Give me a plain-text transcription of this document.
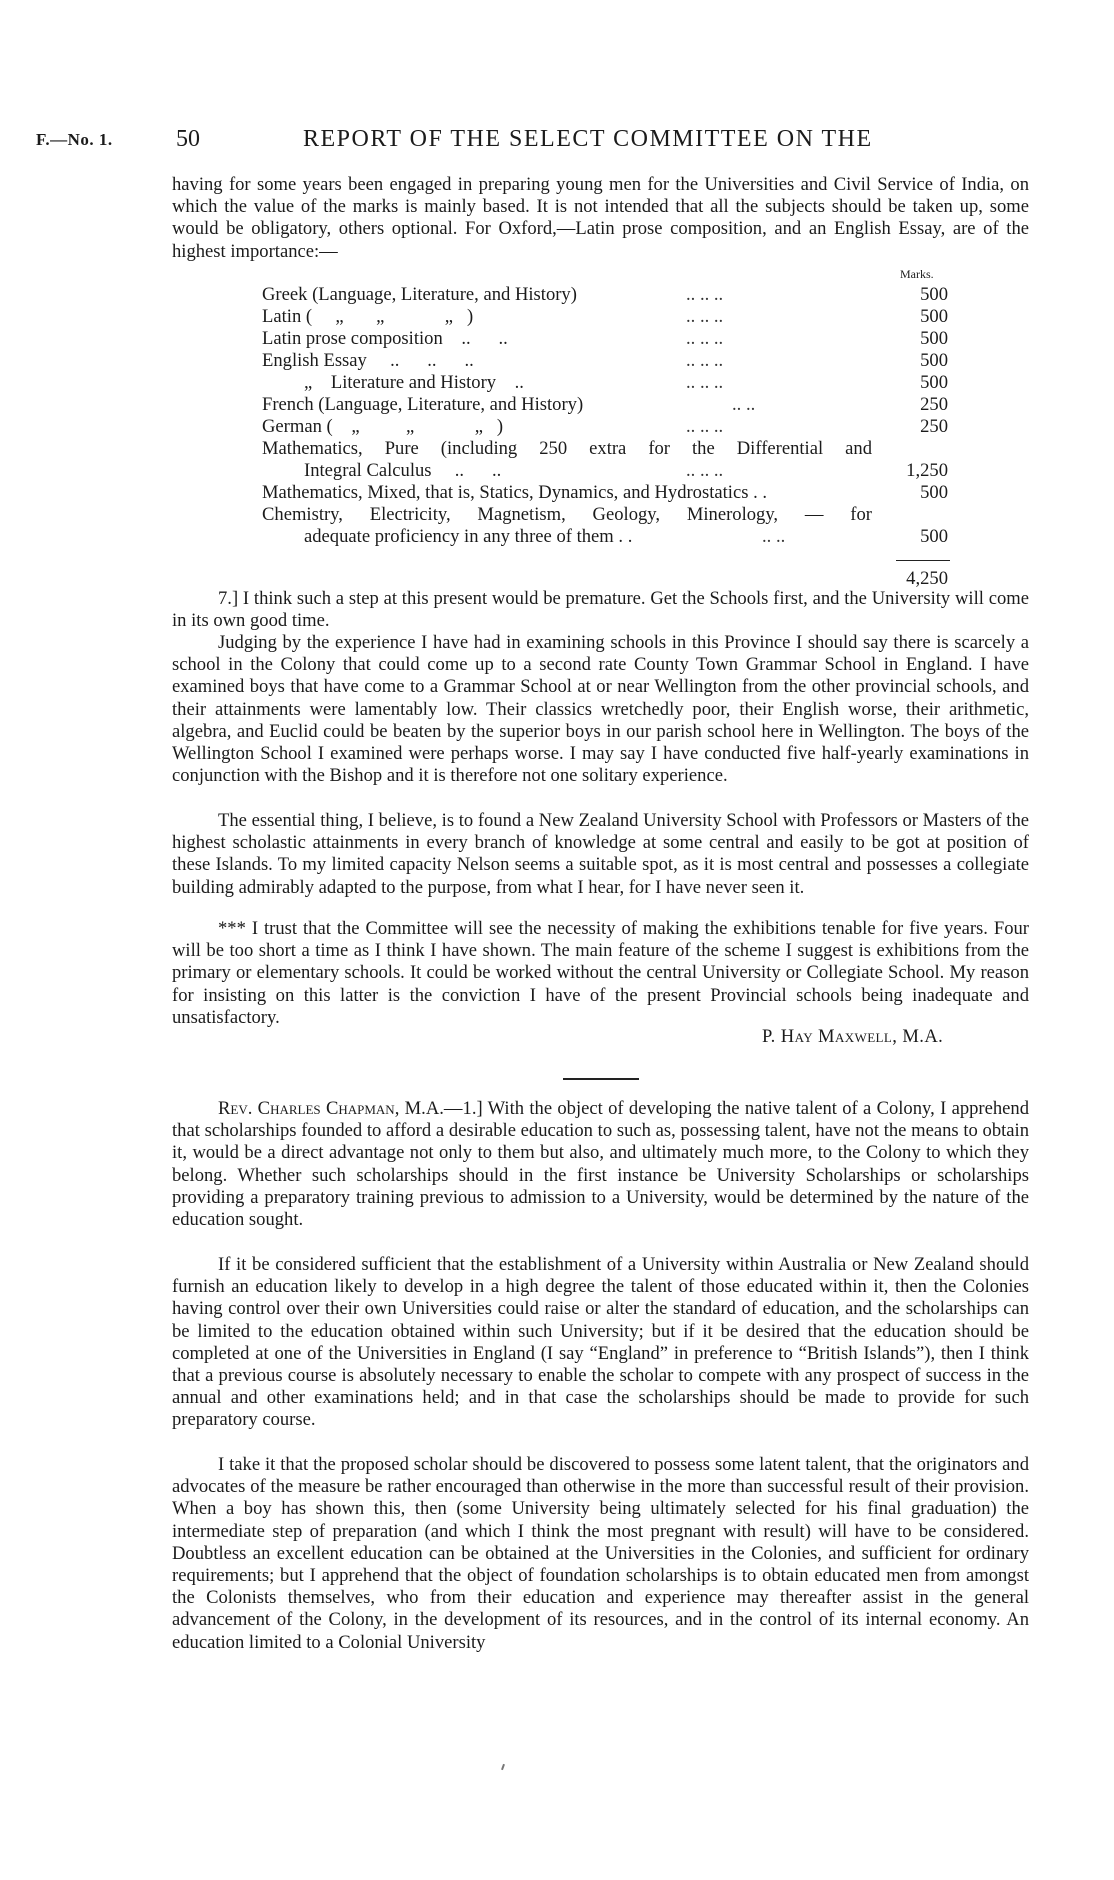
F.—No. 1.	50	REPORT OF THE SELECT COMMITTEE ON THE

having for some years been engaged in preparing young men for the Universities and Civil Service of India, on which the value of the marks is mainly based. It is not intended that all the subjects should be taken up, some would be obligatory, others optional. For Oxford,—Latin prose composition, and an English Essay, are of the highest importance:—

Marks.
Greek (Language, Literature, and History)	.. .. ..	500
Latin (     „       „             „   )	.. .. ..	500
Latin prose composition    ..      ..	.. .. ..	500
English Essay     ..      ..      ..	.. .. ..	500
„    Literature and History    ..	.. .. ..	500
French (Language, Literature, and History)	.. ..	250
German (    „          „             „   )	.. .. ..	250
Mathematics, Pure (including 250 extra for the Differential and
Integral Calculus     ..      ..	.. .. ..	1,250
Mathematics, Mixed, that is, Statics, Dynamics, and Hydrostatics . .	500
Chemistry, Electricity, Magnetism, Geology, Minerology, — for
adequate proficiency in any three of them . .	.. ..	500
4,250

7.] I think such a step at this present would be premature. Get the Schools first, and the University will come in its own good time.

Judging by the experience I have had in examining schools in this Province I should say there is scarcely a school in the Colony that could come up to a second rate County Town Grammar School in England. I have examined boys that have come to a Grammar School at or near Wellington from the other provincial schools, and their attainments were lamentably low. Their classics wretchedly poor, their English worse, their arithmetic, algebra, and Euclid could be beaten by the superior boys in our parish school here in Wellington. The boys of the Wellington School I examined were perhaps worse. I may say I have conducted five half-yearly examinations in conjunction with the Bishop and it is therefore not one solitary experience.

The essential thing, I believe, is to found a New Zealand University School with Professors or Masters of the highest scholastic attainments in every branch of knowledge at some central and easily to be got at position of these Islands. To my limited capacity Nelson seems a suitable spot, as it is most central and possesses a collegiate building admirably adapted to the purpose, from what I hear, for I have never seen it.

*** I trust that the Committee will see the necessity of making the exhibitions tenable for five years. Four will be too short a time as I think I have shown. The main feature of the scheme I suggest is exhibitions from the primary or elementary schools. It could be worked without the central University or Collegiate School. My reason for insisting on this latter is the conviction I have of the present Provincial schools being inadequate and unsatisfactory.

P. Hay Maxwell, M.A.

Rev. Charles Chapman, M.A.—1.] With the object of developing the native talent of a Colony, I apprehend that scholarships founded to afford a desirable education to such as, possessing talent, have not the means to obtain it, would be a direct advantage not only to them but also, and ultimately much more, to the Colony to which they belong. Whether such scholarships should in the first instance be University Scholarships or scholarships providing a preparatory training previous to admission to a University, would be determined by the nature of the education sought.

If it be considered sufficient that the establishment of a University within Australia or New Zealand should furnish an education likely to develop in a high degree the talent of those educated within it, then the Colonies having control over their own Universities could raise or alter the standard of education, and the scholarships can be limited to the education obtained within such University; but if it be desired that the education should be completed at one of the Universities in England (I say “England” in preference to “British Islands”), then I think that a previous course is absolutely necessary to enable the scholar to compete with any prospect of success in the annual and other examinations held; and in that case the scholarships should be made to provide for such preparatory course.

I take it that the proposed scholar should be discovered to possess some latent talent, that the originators and advocates of the measure be rather encouraged than otherwise in the more than successful result of their provision. When a boy has shown this, then (some University being ultimately selected for his final graduation) the intermediate step of preparation (and which I think the most pregnant with result) will have to be considered. Doubtless an excellent education can be obtained at the Universities in the Colonies, and sufficient for ordinary requirements; but I apprehend that the object of foundation scholarships is to obtain educated men from amongst the Colonists themselves, who from their education and experience may thereafter assist in the general advancement of the Colony, in the development of its resources, and in the control of its internal economy. An education limited to a Colonial University
